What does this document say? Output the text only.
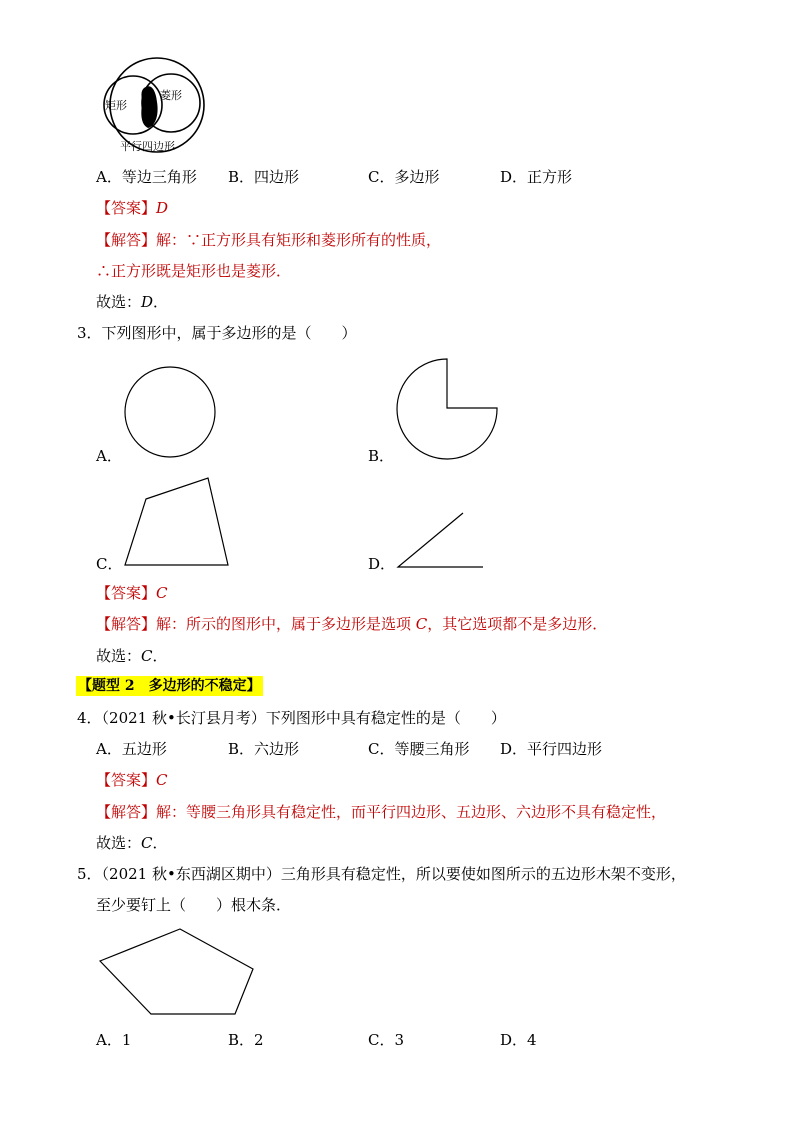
矩形
菱形
平行四边形
A．等边三角形 B．四边形	C．多边形	D．正方形
【答案】D
【解答】解：∵正方形具有矩形和菱形所有的性质，
∴正方形既是矩形也是菱形．
故选：D．
3．下列图形中，属于多边形的是（　　）
A．	B．
C．	D．
【答案】C
【解答】解：所示的图形中，属于多边形是选项 C，其它选项都不是多边形．
故选：C．
【题型 2　多边形的不稳定】
4．（2021 秋•长汀县月考）下列图形中具有稳定性的是（　　）
A．五边形	B．六边形	C．等腰三角形 D．平行四边形
【答案】C
【解答】解：等腰三角形具有稳定性，而平行四边形、五边形、六边形不具有稳定性，
故选：C．
5．（2021 秋•东西湖区期中）三角形具有稳定性，所以要使如图所示的五边形木架不变形，
至少要钉上（　　）根木条．
A．1	B．2	C．3	D．4
